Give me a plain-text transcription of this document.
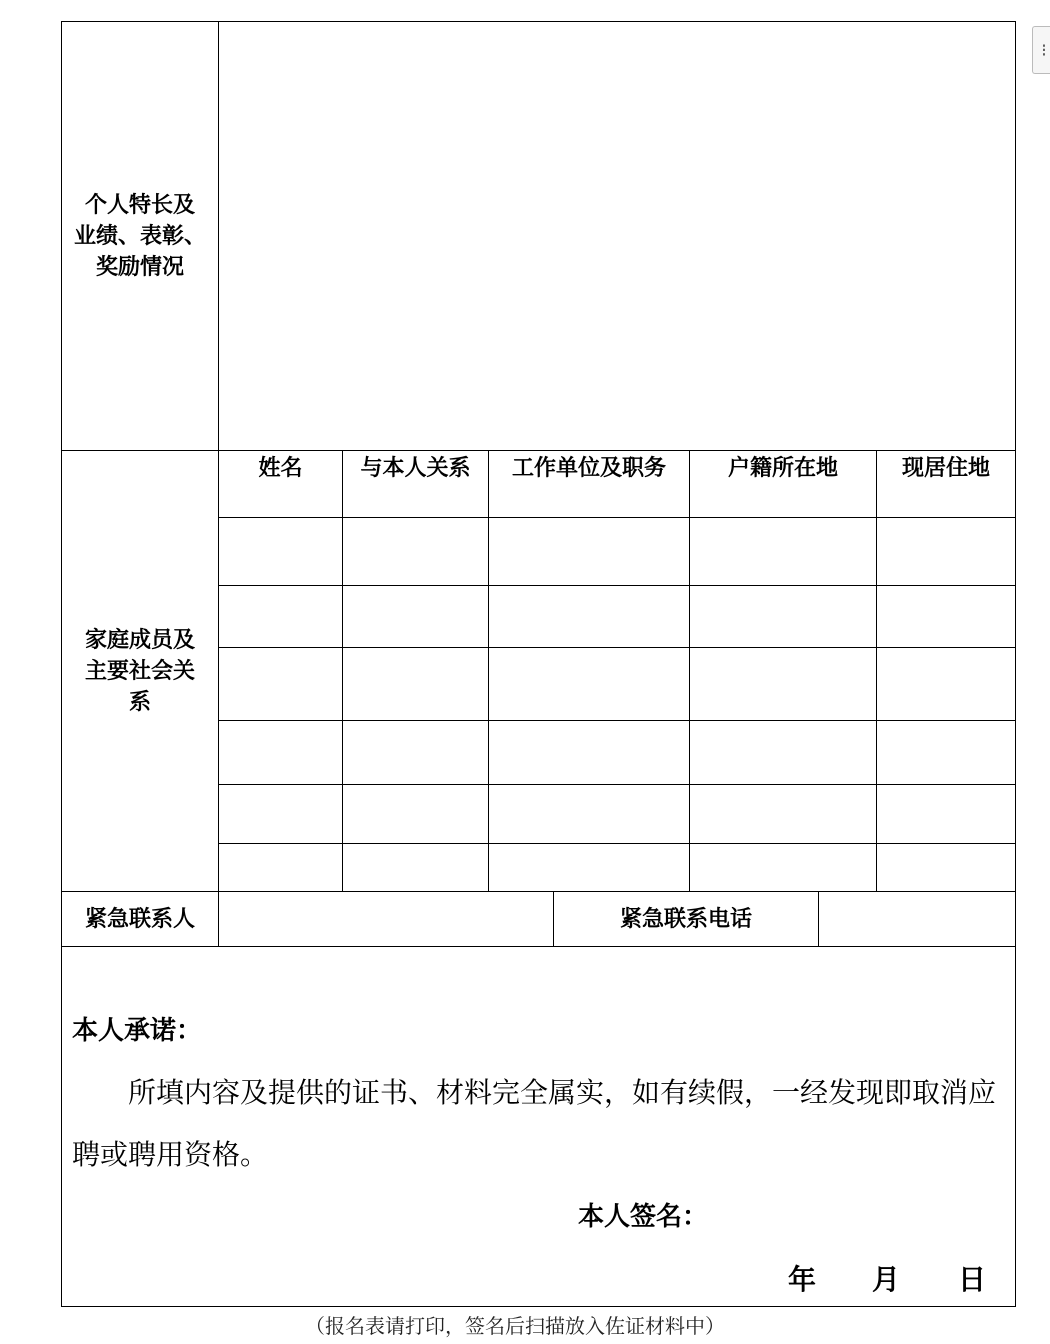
个人特长及
业绩、表彰、
奖励情况
家庭成员及
主要社会关
系
姓名	与本人关系	工作单位及职务	户籍所在地	现居住地
紧急联系人	紧急联系电话
本人承诺：
所填内容及提供的证书、材料完全属实，如有续假，一经发现即取消应聘或聘用资格。
本人签名：
年 月 日
（报名表请打印，签名后扫描放入佐证材料中）
⁝
